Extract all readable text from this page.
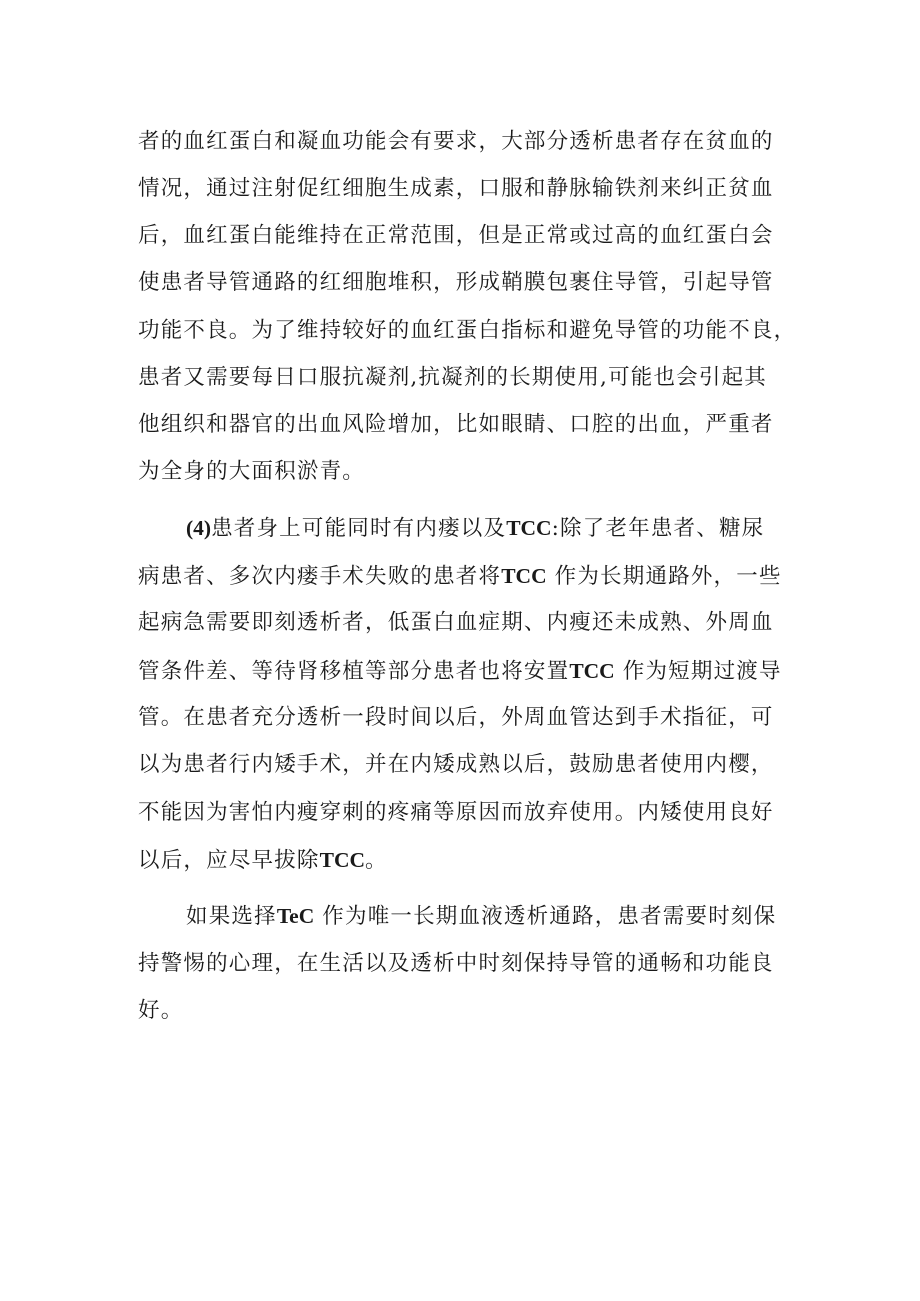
者的血红蛋白和凝血功能会有要求，大部分透析患者存在贫血的
情况，通过注射促红细胞生成素，口服和静脉输铁剂来纠正贫血
后，血红蛋白能维持在正常范围，但是正常或过高的血红蛋白会
使患者导管通路的红细胞堆积，形成鞘膜包裹住导管，引起导管
功能不良。为了维持较好的血红蛋白指标和避免导管的功能不良，
患者又需要每日口服抗凝剂,抗凝剂的长期使用,可能也会引起其
他组织和器官的出血风险增加，比如眼睛、口腔的出血，严重者
为全身的大面积淤青。
(4)患者身上可能同时有内瘘以及TCC:除了老年患者、糖尿
病患者、多次内瘘手术失败的患者将TCC 作为长期通路外，一些
起病急需要即刻透析者，低蛋白血症期、内瘦还未成熟、外周血
管条件差、等待肾移植等部分患者也将安置TCC 作为短期过渡导
管。在患者充分透析一段时间以后，外周血管达到手术指征，可
以为患者行内矮手术，并在内矮成熟以后，鼓励患者使用内樱，
不能因为害怕内瘦穿刺的疼痛等原因而放弃使用。内矮使用良好
以后，应尽早拔除TCC。
如果选择TeC 作为唯一长期血液透析通路，患者需要时刻保
持警惕的心理，在生活以及透析中时刻保持导管的通畅和功能良
好。
